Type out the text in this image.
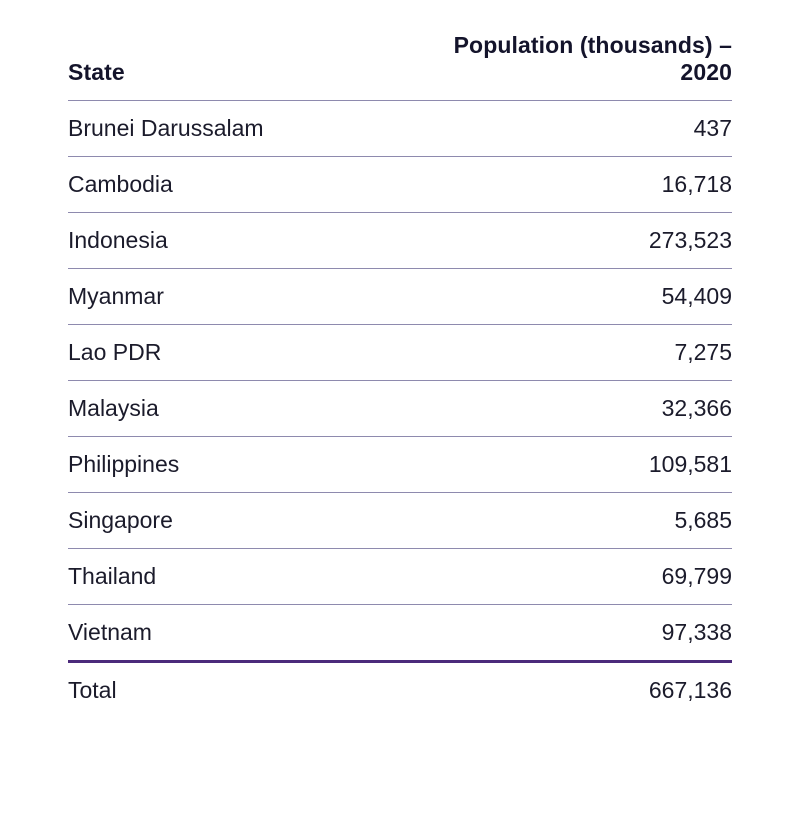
State	Population (thousands) – 2020
Brunei Darussalam	437
Cambodia	16,718
Indonesia	273,523
Myanmar	54,409
Lao PDR	7,275
Malaysia	32,366
Philippines	109,581
Singapore	5,685
Thailand	69,799
Vietnam	97,338
Total	667,136
